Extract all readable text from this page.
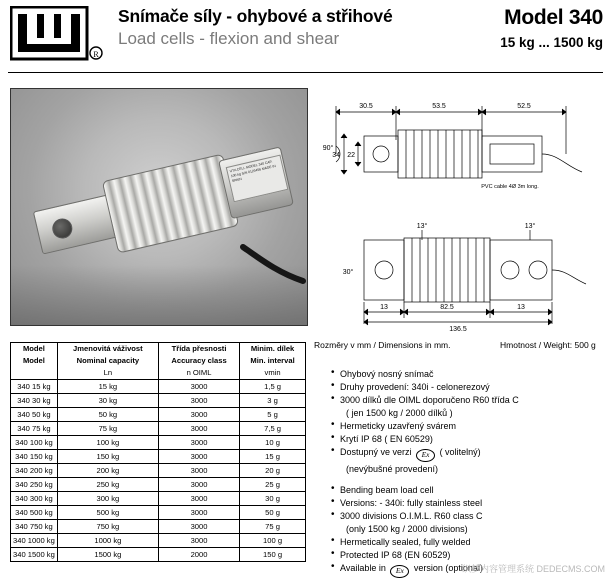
R
Snímače síly - ohybové a střihové
Load cells - flexion and shear
Model 340
15 kg ... 1500 kg
UTILCELL MODEL 340 CAP. 100 kg S/N 0123456 MADE IN SPAIN
30.5	53.5	52.5
34 22
90°
PVC cable 4Ø 3m long.
13°	13°
30°
13	82.5	13
136.5
Rozměry v mm / Dimensions in mm.	Hmotnost / Weight: 500 g
Model	Jmenovitá váživost	Třída přesnosti	Minim. dílek
Model	Nominal capacity	Accuracy class	Min. interval
	Ln	n OIML	vmin
340 15 kg	15 kg	3000	1,5 g
340 30 kg	30 kg	3000	3 g
340 50 kg	50 kg	3000	5 g
340 75 kg	75 kg	3000	7,5 g
340 100 kg	100 kg	3000	10 g
340 150 kg	150 kg	3000	15 g
340 200 kg	200 kg	3000	20 g
340 250 kg	250 kg	3000	25 g
340 300 kg	300 kg	3000	30 g
340 500 kg	500 kg	3000	50 g
340 750 kg	750 kg	3000	75 g
340 1000 kg	1000 kg	3000	100 g
340 1500 kg	1500 kg	2000	150 g
• Ohybový nosný snímač
• Druhy provedení: 340i - celonerezový
• 3000 dílků dle OIML doporučeno R60 třída C
( jen 1500 kg / 2000 dílků )
• Hermeticky uzavřený svárem
• Krytí IP 68 ( EN 60529)
• Dostupný ve verzi Ex ( volitelný)
(nevýbušné provedení)
• Bending beam load cell
• Versions: - 340i: fully stainless steel
• 3000 divisions O.I.M.L. R60 class C
(only 1500 kg / 2000 divisions)
• Hermetically sealed, fully welded
• Protected IP 68 (EN 60529)
• Available in Ex version (optional)
织梦内容管理系统 DEDECMS.COM
